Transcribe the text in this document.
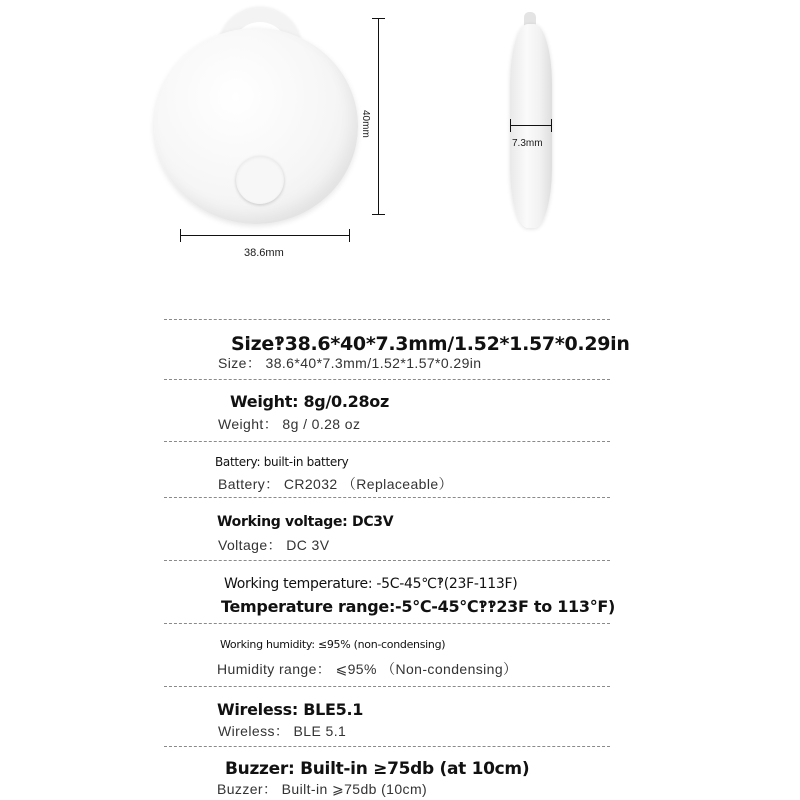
40mm
38.6mm
7.3mm
Size‽38.6*40*7.3mm/1.52*1.57*0.29in
Size： 38.6*40*7.3mm/1.52*1.57*0.29in
Weight: 8g/0.28oz
Weight： 8g / 0.28 oz
Battery: built-in battery
Battery： CR2032 （Replaceable）
Working voltage: DC3V
Voltage： DC 3V
Working temperature: -5C-45℃‽(23F-113F)
Temperature range:-5℃-45℃‽‽23F to 113°F)
Working humidity: ≤95% (non-condensing)
Humidity range： ⩽95% （Non-condensing）
Wireless: BLE5.1
Wireless： BLE 5.1
Buzzer: Built-in ≥75db (at 10cm)
Buzzer： Built-in ⩾75db (10cm)
